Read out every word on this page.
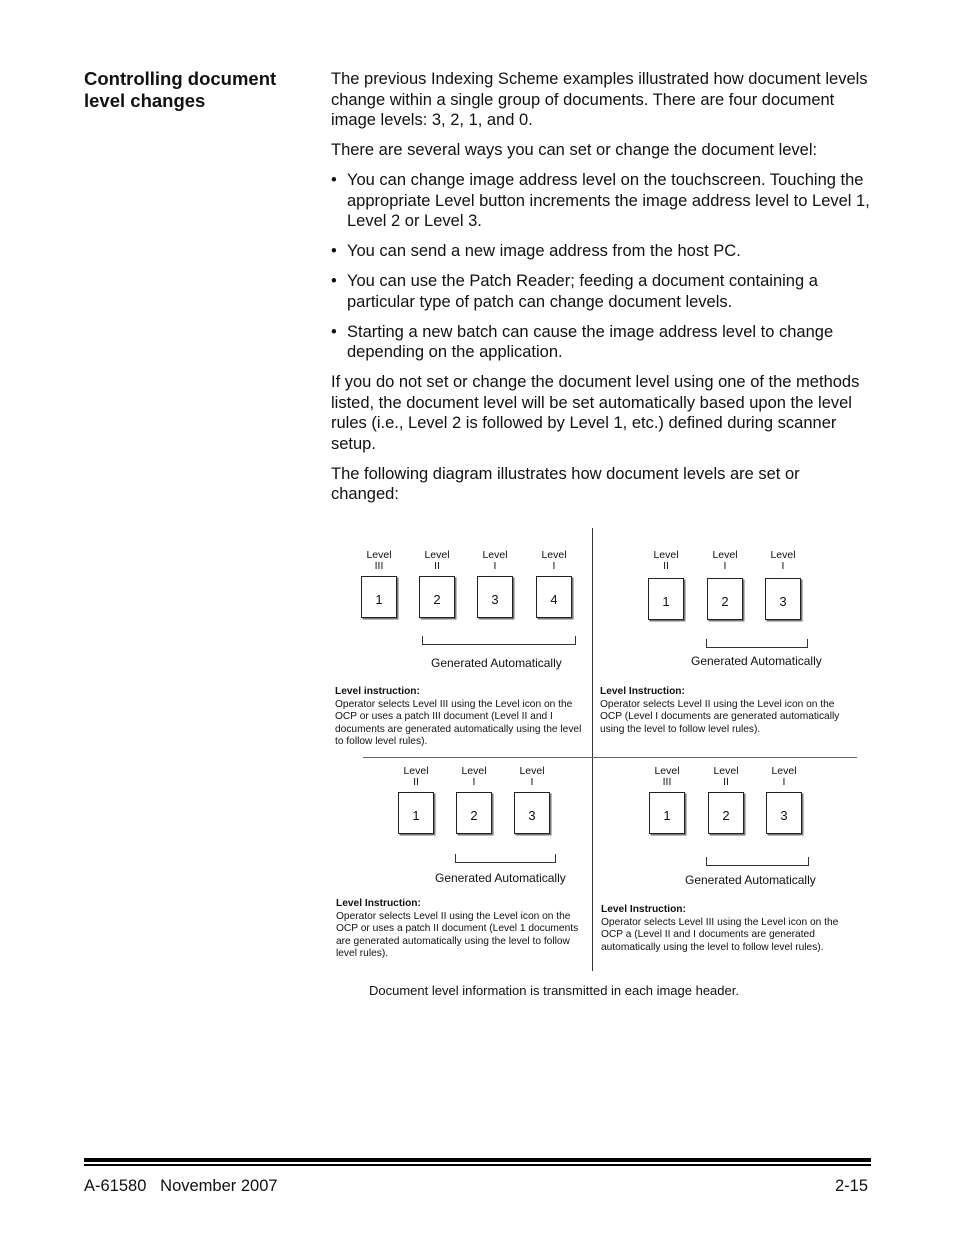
Controlling document level changes

The previous Indexing Scheme examples illustrated how document levels change within a single group of documents. There are four document image levels: 3, 2, 1, and 0.

There are several ways you can set or change the document level:

• You can change image address level on the touchscreen. Touching the appropriate Level button increments the image address level to Level 1, Level 2 or Level 3.
• You can send a new image address from the host PC.
• You can use the Patch Reader; feeding a document containing a particular type of patch can change document levels.
• Starting a new batch can cause the image address level to change depending on the application.

If you do not set or change the document level using one of the methods listed, the document level will be set automatically based upon the level rules (i.e., Level 2 is followed by Level 1, etc.) defined during scanner setup.

The following diagram illustrates how document levels are set or changed:

Level
III
1
Level
II
2
Level
I
3
Level
I
4
Generated Automatically
Level instruction:
Operator selects Level III using the Level icon on the OCP or uses a patch III document (Level II and I documents are generated automatically using the level to follow level rules).
Level
II
1
Level
I
2
Level
I
3
Generated Automatically
Level Instruction:
Operator selects Level II using the Level icon on the OCP (Level I documents are generated automatically using the level to follow level rules).
Level
II
1
Level
I
2
Level
I
3
Generated Automatically
Level Instruction:
Operator selects Level II using the Level icon on the OCP or uses a patch II document (Level 1 documents are generated automatically using the level to follow level rules).
Level
III
1
Level
II
2
Level
I
3
Generated Automatically
Level Instruction:
Operator selects Level III using the Level icon on the OCP a (Level II and I documents are generated automatically using the level to follow level rules).
Document level information is transmitted in each image header.
A-61580 November 2007	2-15
